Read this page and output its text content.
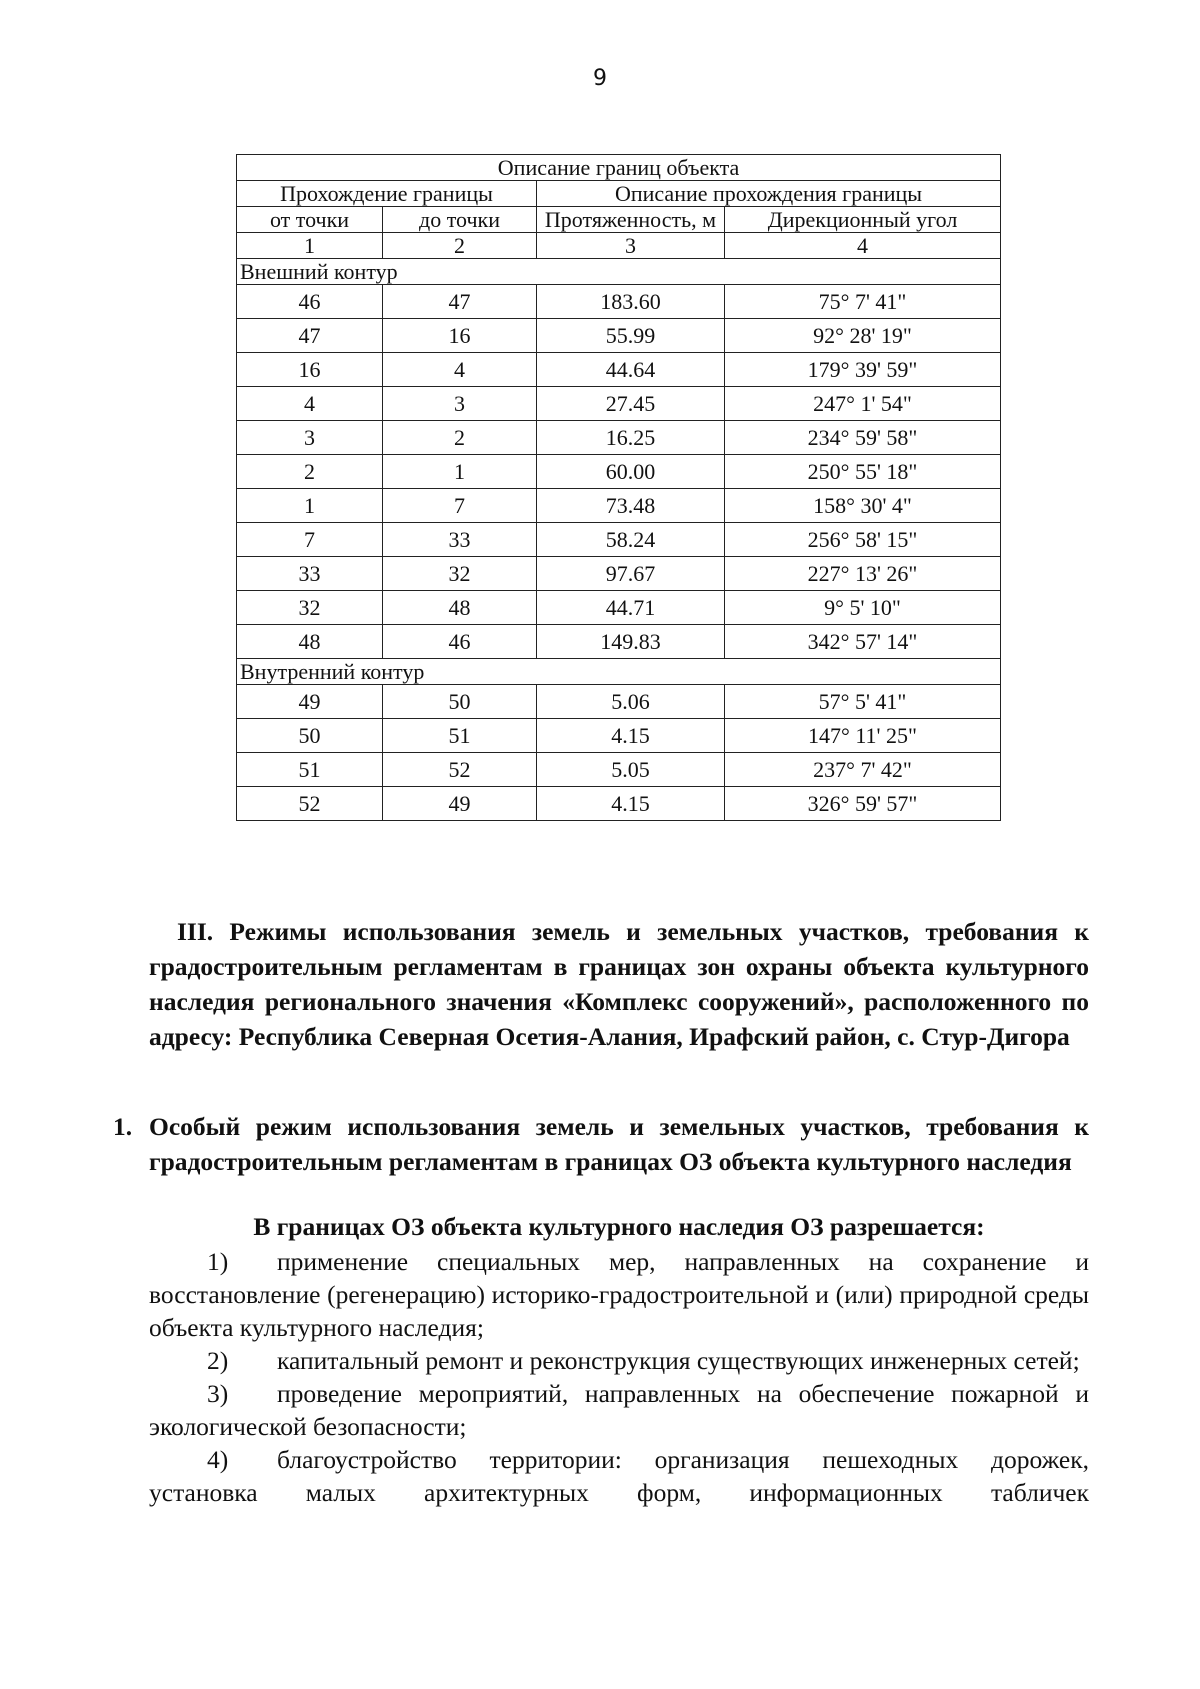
9
Описание границ объекта			
Прохождение границы		Описание прохождения границы	
от точки	до точки	Протяженность, м	Дирекционный угол
1	2	3	4
Внешний контур			
46	47	183.60	75° 7' 41"
47	16	55.99	92° 28' 19"
16	4	44.64	179° 39' 59"
4	3	27.45	247° 1' 54"
3	2	16.25	234° 59' 58"
2	1	60.00	250° 55' 18"
1	7	73.48	158° 30' 4"
7	33	58.24	256° 58' 15"
33	32	97.67	227° 13' 26"
32	48	44.71	9° 5' 10"
48	46	149.83	342° 57' 14"
Внутренний контур			
49	50	5.06	57° 5' 41"
50	51	4.15	147° 11' 25"
51	52	5.05	237° 7' 42"
52	49	4.15	326° 59' 57"
III. Режимы использования земель и земельных участков, требования к градостроительным регламентам в границах зон охраны объекта культурного наследия регионального значения «Комплекс сооружений», расположенного по адресу: Республика Северная Осетия-Алания, Ирафский район, с. Стур-Дигора
1. Особый режим использования земель и земельных участков, требования к градостроительным регламентам в границах ОЗ объекта культурного наследия
В границах ОЗ объекта культурного наследия ОЗ разрешается:

1) применение специальных мер, направленных на сохранение и восстановление (регенерацию) историко-градостроительной и (или) природной среды объекта культурного наследия;

2) капитальный ремонт и реконструкция существующих инженерных сетей;

3) проведение мероприятий, направленных на обеспечение пожарной и экологической безопасности;

4) благоустройство территории: организация пешеходных дорожек, установка малых архитектурных форм, информационных табличек
